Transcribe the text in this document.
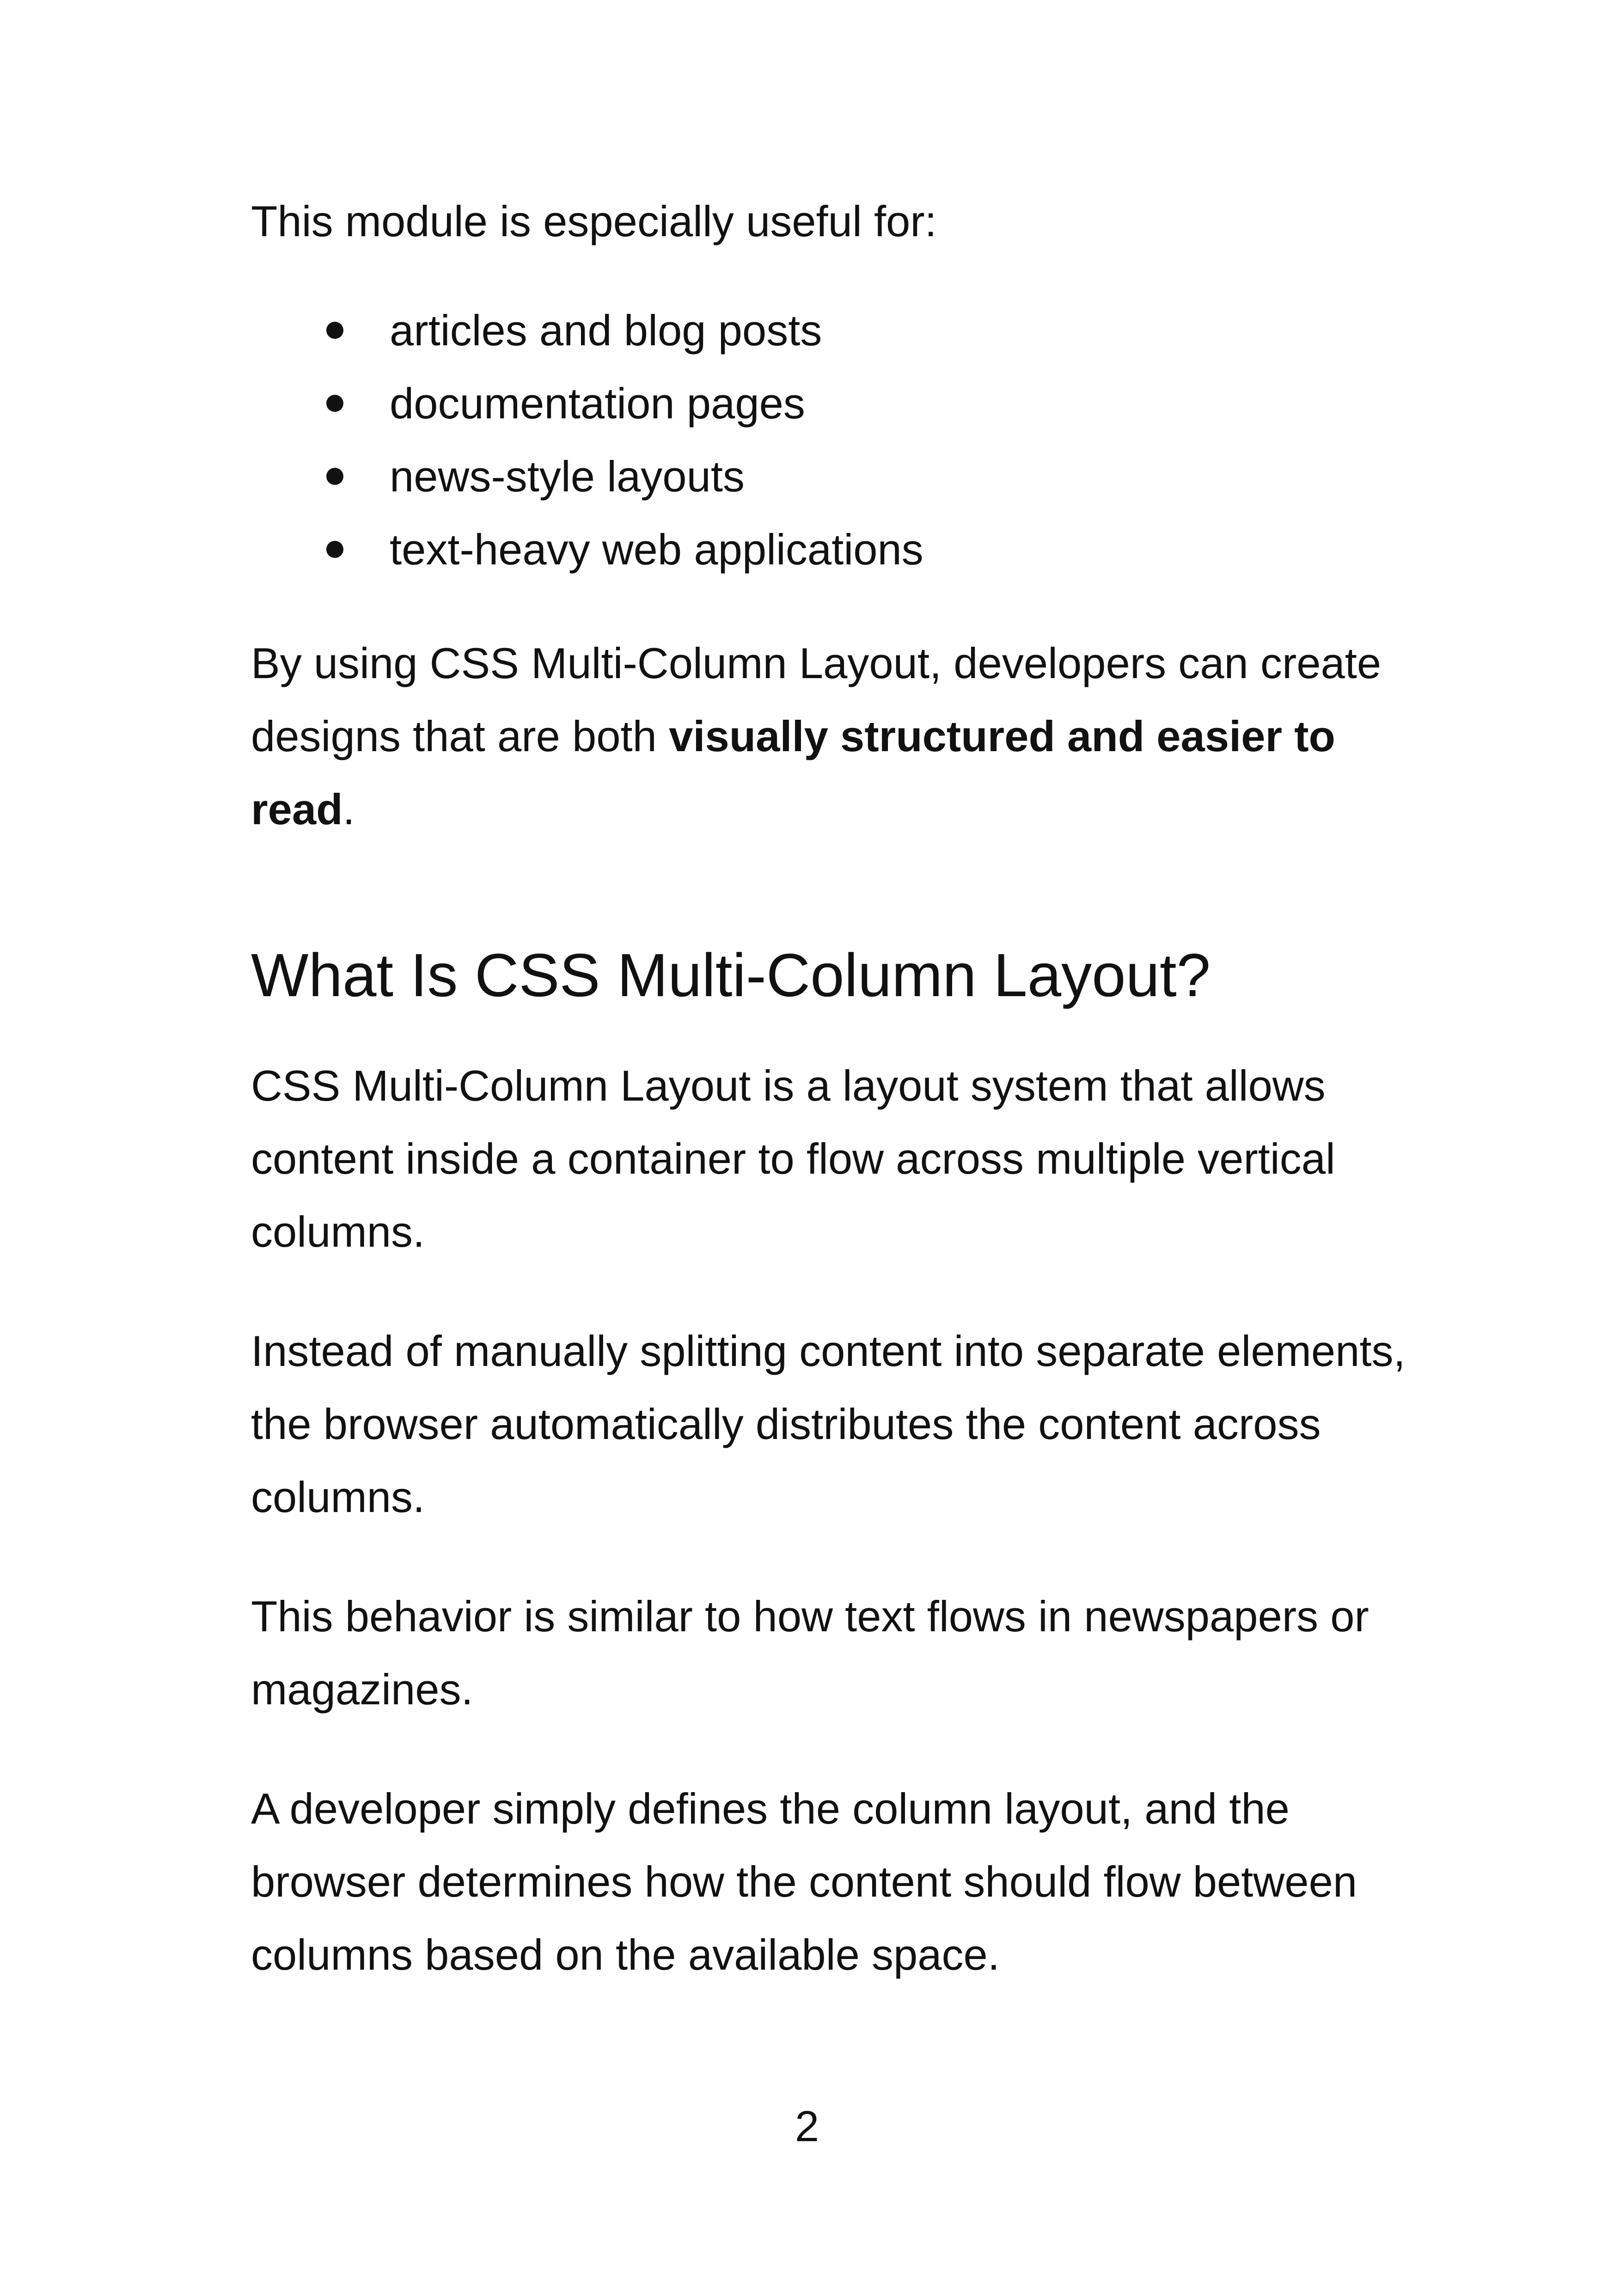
This module is especially useful for:

articles and blog posts
documentation pages
news-style layouts
text-heavy web applications

By using CSS Multi-Column Layout, developers can create designs that are both visually structured and easier to read.

What Is CSS Multi-Column Layout?

CSS Multi-Column Layout is a layout system that allows content inside a container to flow across multiple vertical columns.

Instead of manually splitting content into separate elements, the browser automatically distributes the content across columns.

This behavior is similar to how text flows in newspapers or magazines.

A developer simply defines the column layout, and the browser determines how the content should flow between columns based on the available space.

2
